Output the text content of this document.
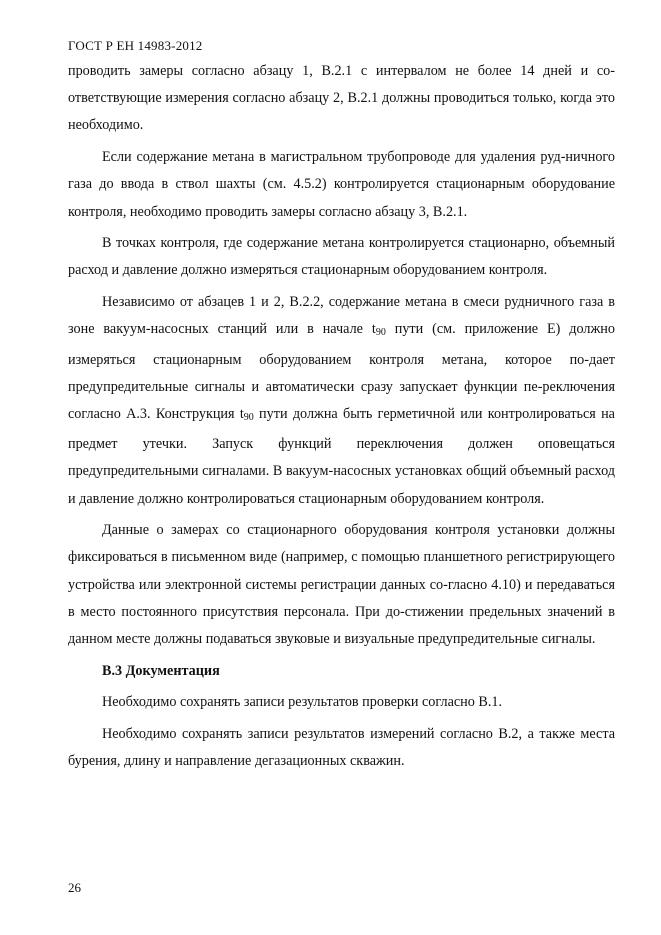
ГОСТ Р ЕН 14983-2012

проводить замеры согласно абзацу 1, В.2.1 с интервалом не более 14 дней и со-ответствующие измерения согласно абзацу 2, В.2.1 должны проводиться только, когда это необходимо.

Если содержание метана в магистральном трубопроводе для удаления руд-ничного газа до ввода в ствол шахты (см. 4.5.2) контролируется стационарным оборудование контроля, необходимо проводить замеры согласно абзацу 3, В.2.1.

В точках контроля, где содержание метана контролируется стационарно, объемный расход и давление должно измеряться стационарным оборудованием контроля.

Независимо от абзацев 1 и 2, В.2.2, содержание метана в смеси рудничного газа в зоне вакуум-насосных станций или в начале $t_{90}$ пути (см. приложение Е) должно измеряться стационарным оборудованием контроля метана, которое по-дает предупредительные сигналы и автоматически сразу запускает функции пе-реключения согласно А.3. Конструкция $t_{90}$ пути должна быть герметичной или контролироваться на предмет утечки. Запуск функций переключения должен оповещаться предупредительными сигналами. В вакуум-насосных установках общий объемный расход и давление должно контролироваться стационарным оборудованием контроля.

Данные о замерах со стационарного оборудования контроля установки должны фиксироваться в письменном виде (например, с помощью планшетного регистрирующего устройства или электронной системы регистрации данных со-гласно 4.10) и передаваться в место постоянного присутствия персонала. При до-стижении предельных значений в данном месте должны подаваться звуковые и визуальные предупредительные сигналы.

В.3 Документация

Необходимо сохранять записи результатов проверки согласно В.1.

Необходимо сохранять записи результатов измерений согласно В.2, а также места бурения, длину и направление дегазационных скважин.

26
